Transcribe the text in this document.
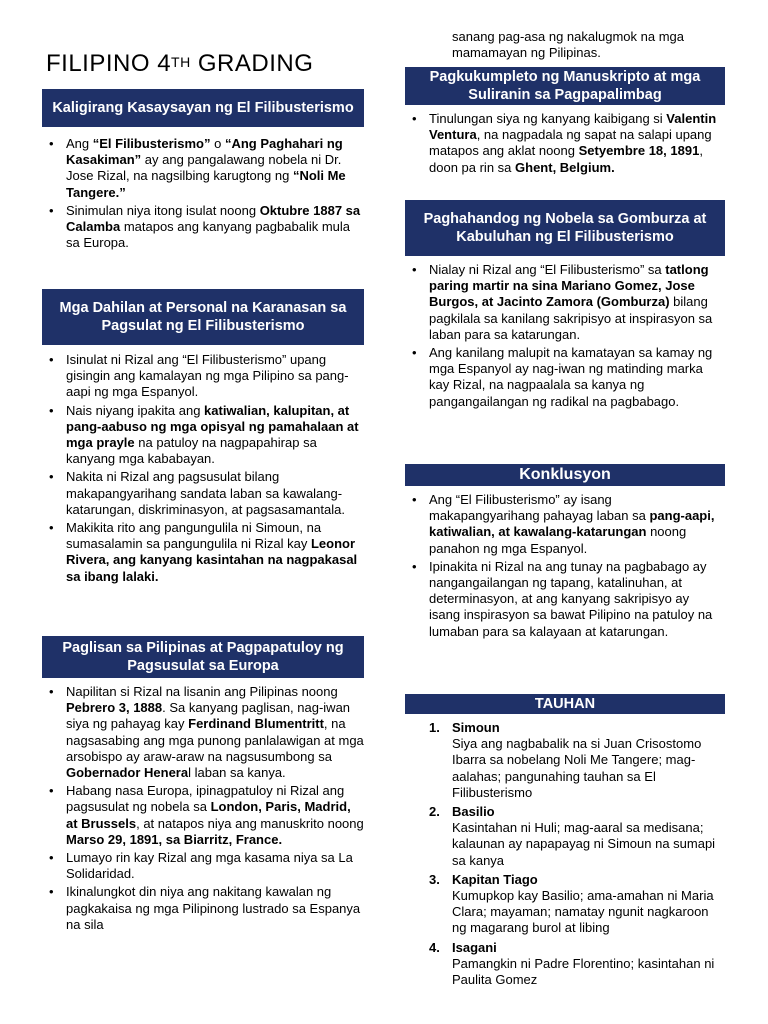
FILIPINO 4TH GRADING
Kaligirang Kasaysayan ng El Filibusterismo
• Ang “El Filibusterismo” o “Ang Paghahari ng Kasakiman” ay ang pangalawang nobela ni Dr. Jose Rizal, na nagsilbing karugtong ng “Noli Me Tangere.”
• Sinimulan niya itong isulat noong Oktubre 1887 sa Calamba matapos ang kanyang pagbabalik mula sa Europa.
Mga Dahilan at Personal na Karanasan sa Pagsulat ng El Filibusterismo
• Isinulat ni Rizal ang “El Filibusterismo” upang gisingin ang kamalayan ng mga Pilipino sa pang-aapi ng mga Espanyol.
• Nais niyang ipakita ang katiwalian, kalupitan, at pang-aabuso ng mga opisyal ng pamahalaan at mga prayle na patuloy na nagpapahirap sa kanyang mga kababayan.
• Nakita ni Rizal ang pagsusulat bilang makapangyarihang sandata laban sa kawalang-katarungan, diskriminasyon, at pagsasamantala.
• Makikita rito ang pangungulila ni Simoun, na sumasalamin sa pangungulila ni Rizal kay Leonor Rivera, ang kanyang kasintahan na nagpakasal sa ibang lalaki.
Paglisan sa Pilipinas at Pagpapatuloy ng Pagsusulat sa Europa
• Napilitan si Rizal na lisanin ang Pilipinas noong Pebrero 3, 1888. Sa kanyang paglisan, nag-iwan siya ng pahayag kay Ferdinand Blumentritt, na nagsasabing ang mga punong panlalawigan at mga arsobispo ay araw-araw na nagsusumbong sa Gobernador Heneral laban sa kanya.
• Habang nasa Europa, ipinagpatuloy ni Rizal ang pagsusulat ng nobela sa London, Paris, Madrid, at Brussels, at natapos niya ang manuskrito noong Marso 29, 1891, sa Biarritz, France.
• Lumayo rin kay Rizal ang mga kasama niya sa La Solidaridad.
• Ikinalungkot din niya ang nakitang kawalan ng pagkakaisa ng mga Pilipinong lustrado sa Espanya na sila
sanang pag-asa ng nakalugmok na mga mamamayan ng Pilipinas.
Pagkukumpleto ng Manuskripto at mga Suliranin sa Pagpapalimbag
• Tinulungan siya ng kanyang kaibigang si Valentin Ventura, na nagpadala ng sapat na salapi upang matapos ang aklat noong Setyembre 18, 1891, doon pa rin sa Ghent, Belgium.
Paghahandog ng Nobela sa Gomburza at Kabuluhan ng El Filibusterismo
• Nialay ni Rizal ang “El Filibusterismo” sa tatlong paring martir na sina Mariano Gomez, Jose Burgos, at Jacinto Zamora (Gomburza) bilang pagkilala sa kanilang sakripisyo at inspirasyon sa laban para sa katarungan.
• Ang kanilang malupit na kamatayan sa kamay ng mga Espanyol ay nag-iwan ng matinding marka kay Rizal, na nagpaalala sa kanya ng pangangailangan ng radikal na pagbabago.
Konklusyon
• Ang “El Filibusterismo” ay isang makapangyarihang pahayag laban sa pang-aapi, katiwalian, at kawalang-katarungan noong panahon ng mga Espanyol.
• Ipinakita ni Rizal na ang tunay na pagbabago ay nangangailangan ng tapang, katalinuhan, at determinasyon, at ang kanyang sakripisyo ay isang inspirasyon sa bawat Pilipino na patuloy na lumaban para sa kalayaan at katarungan.
TAUHAN
1. Simoun
Siya ang nagbabalik na si Juan Crisostomo Ibarra sa nobelang Noli Me Tangere; mag-aalahas; pangunahing tauhan sa El Filibusterismo
2. Basilio
Kasintahan ni Huli; mag-aaral sa medisana; kalaunan ay napapayag ni Simoun na sumapi sa kanya
3. Kapitan Tiago
Kumupkop kay Basilio; ama-amahan ni Maria Clara; mayaman; namatay ngunit nagkaroon ng magarang burol at libing
4. Isagani
Pamangkin ni Padre Florentino; kasintahan ni Paulita Gomez
